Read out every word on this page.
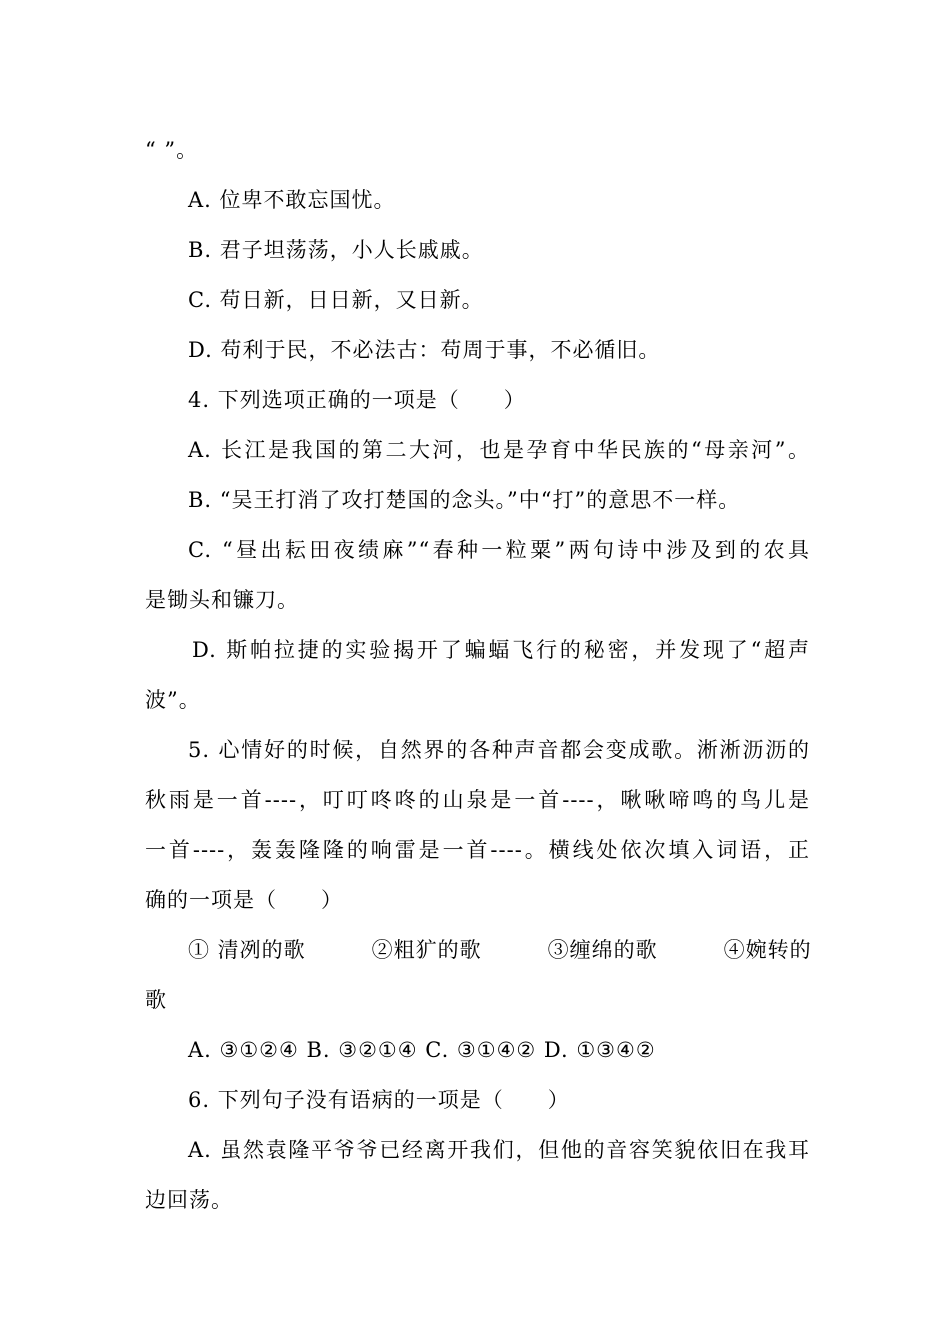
“ ”。
A. 位卑不敢忘国忧。
B. 君子坦荡荡，小人长戚戚。
C. 苟日新，日日新，又日新。
D. 苟利于民，不必法古：苟周于事，不必循旧。
4. 下列选项正确的一项是（　　）
A. 长江是我国的第二大河，也是孕育中华民族的“母亲河”。
B. “吴王打消了攻打楚国的念头。”中“打”的意思不一样。
C. “昼出耘田夜绩麻”“春种一粒粟”两句诗中涉及到的农具
是锄头和镰刀。
D. 斯帕拉捷的实验揭开了蝙蝠飞行的秘密，并发现了“超声
波”。
5. 心情好的时候，自然界的各种声音都会变成歌。淅淅沥沥的
秋雨是一首----，叮叮咚咚的山泉是一首----，啾啾啼鸣的鸟儿是
一首----，轰轰隆隆的响雷是一首----。横线处依次填入词语，正
确的一项是（　　）
① 清冽的歌　　　②粗犷的歌　　　③缠绵的歌　　　④婉转的
歌
A. ③①②④ B. ③②①④ C. ③①④② D. ①③④②
6. 下列句子没有语病的一项是（　　）
A. 虽然袁隆平爷爷已经离开我们，但他的音容笑貌依旧在我耳
边回荡。
